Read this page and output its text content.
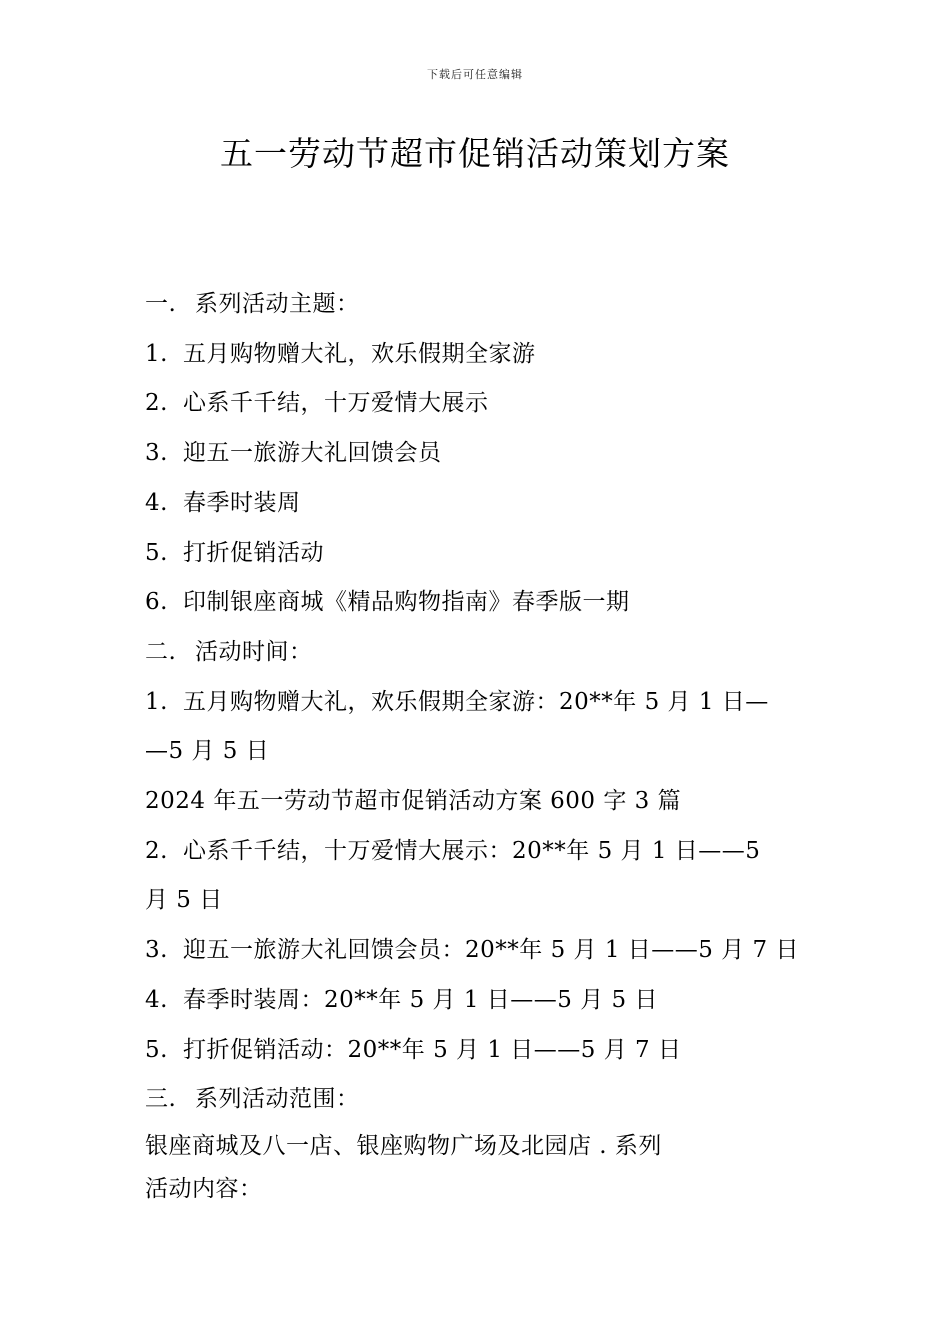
下载后可任意编辑
五一劳动节超市促销活动策划方案
一. 系列活动主题：
1. 五月购物赠大礼，欢乐假期全家游
2. 心系千千结，十万爱情大展示
3. 迎五一旅游大礼回馈会员
4. 春季时装周
5. 打折促销活动
6. 印制银座商城《精品购物指南》春季版一期
二. 活动时间：
1. 五月购物赠大礼，欢乐假期全家游：20**年 5 月 1 日—
—5 月 5 日
2024 年五一劳动节超市促销活动方案 600 字 3 篇
2. 心系千千结，十万爱情大展示：20**年 5 月 1 日——5
月 5 日
3. 迎五一旅游大礼回馈会员：20**年 5 月 1 日——5 月 7 日
4. 春季时装周：20**年 5 月 1 日——5 月 5 日
5. 打折促销活动：20**年 5 月 1 日——5 月 7 日
三. 系列活动范围：
银座商城及八一店、银座购物广场及北园店 . 系列
活动内容：
